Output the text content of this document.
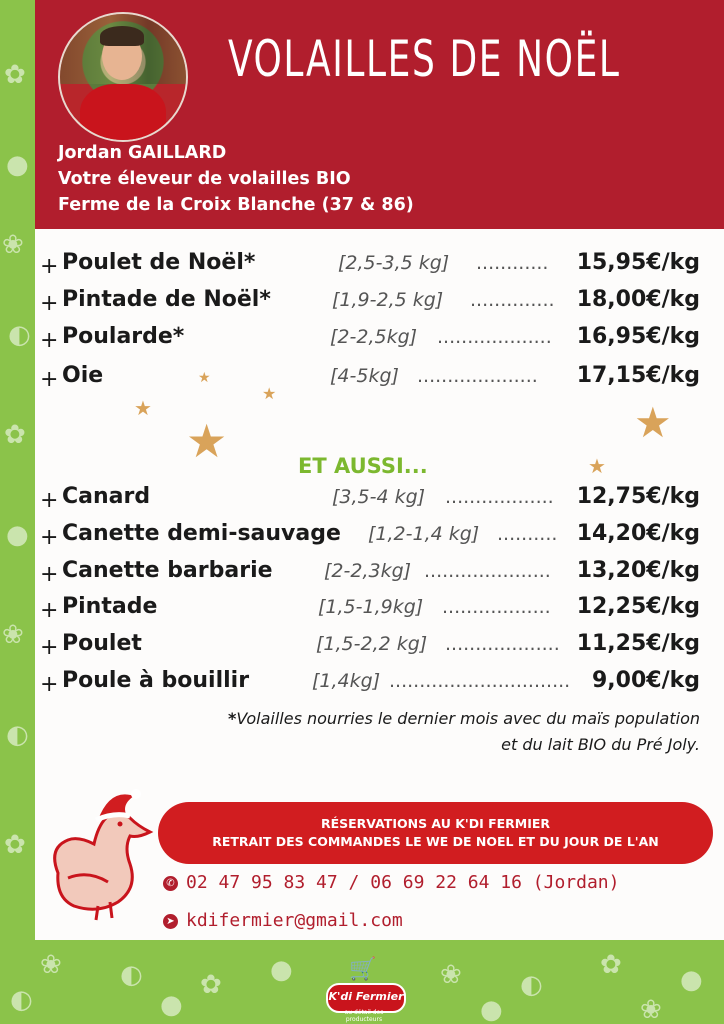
✿
●
❀
◐
✿
●
❀
◐
✿
❀ ◐ ✿ ●	❀ ◐
✿ ●
◐	●	●	❀
VOLAILLES DE NOËL
Jordan GAILLARD
Votre éleveur de volailles BIO
Ferme de la Croix Blanche (37 & 86)
+ Poulet de Noël*	[2,5-3,5 kg] ............ 15,95€/kg
+ Pintade de Noël*	[1,9-2,5 kg] .............. 18,00€/kg
+ Poularde*	[2-2,5kg] ................... 16,95€/kg
+ Oie	[4-5kg] .................... 17,15€/kg
★
★
★
★	★
★
ET AUSSI...
+ Canard	[3,5-4 kg] .................. 12,75€/kg
+ Canette demi-sauvage [1,2-1,4 kg] .......... 14,20€/kg
+ Canette barbarie	[2-2,3kg] ..................... 13,20€/kg
+ Pintade	[1,5-1,9kg] .................. 12,25€/kg
+ Poulet	[1,5-2,2 kg] ................... 11,25€/kg
+ Poule à bouillir	[1,4kg] .............................. 9,00€/kg
*Volailles nourries le dernier mois avec du maïs population
et du lait BIO du Pré Joly.
RÉSERVATIONS AU K'DI FERMIER
RETRAIT DES COMMANDES LE WE DE NOEL ET DU JOUR DE L'AN
✆ 02 47 95 83 47 / 06 69 22 64 16 (Jordan)
➤ kdifermier@gmail.com
🛒
K'di Fermier
au détail des producteurs
